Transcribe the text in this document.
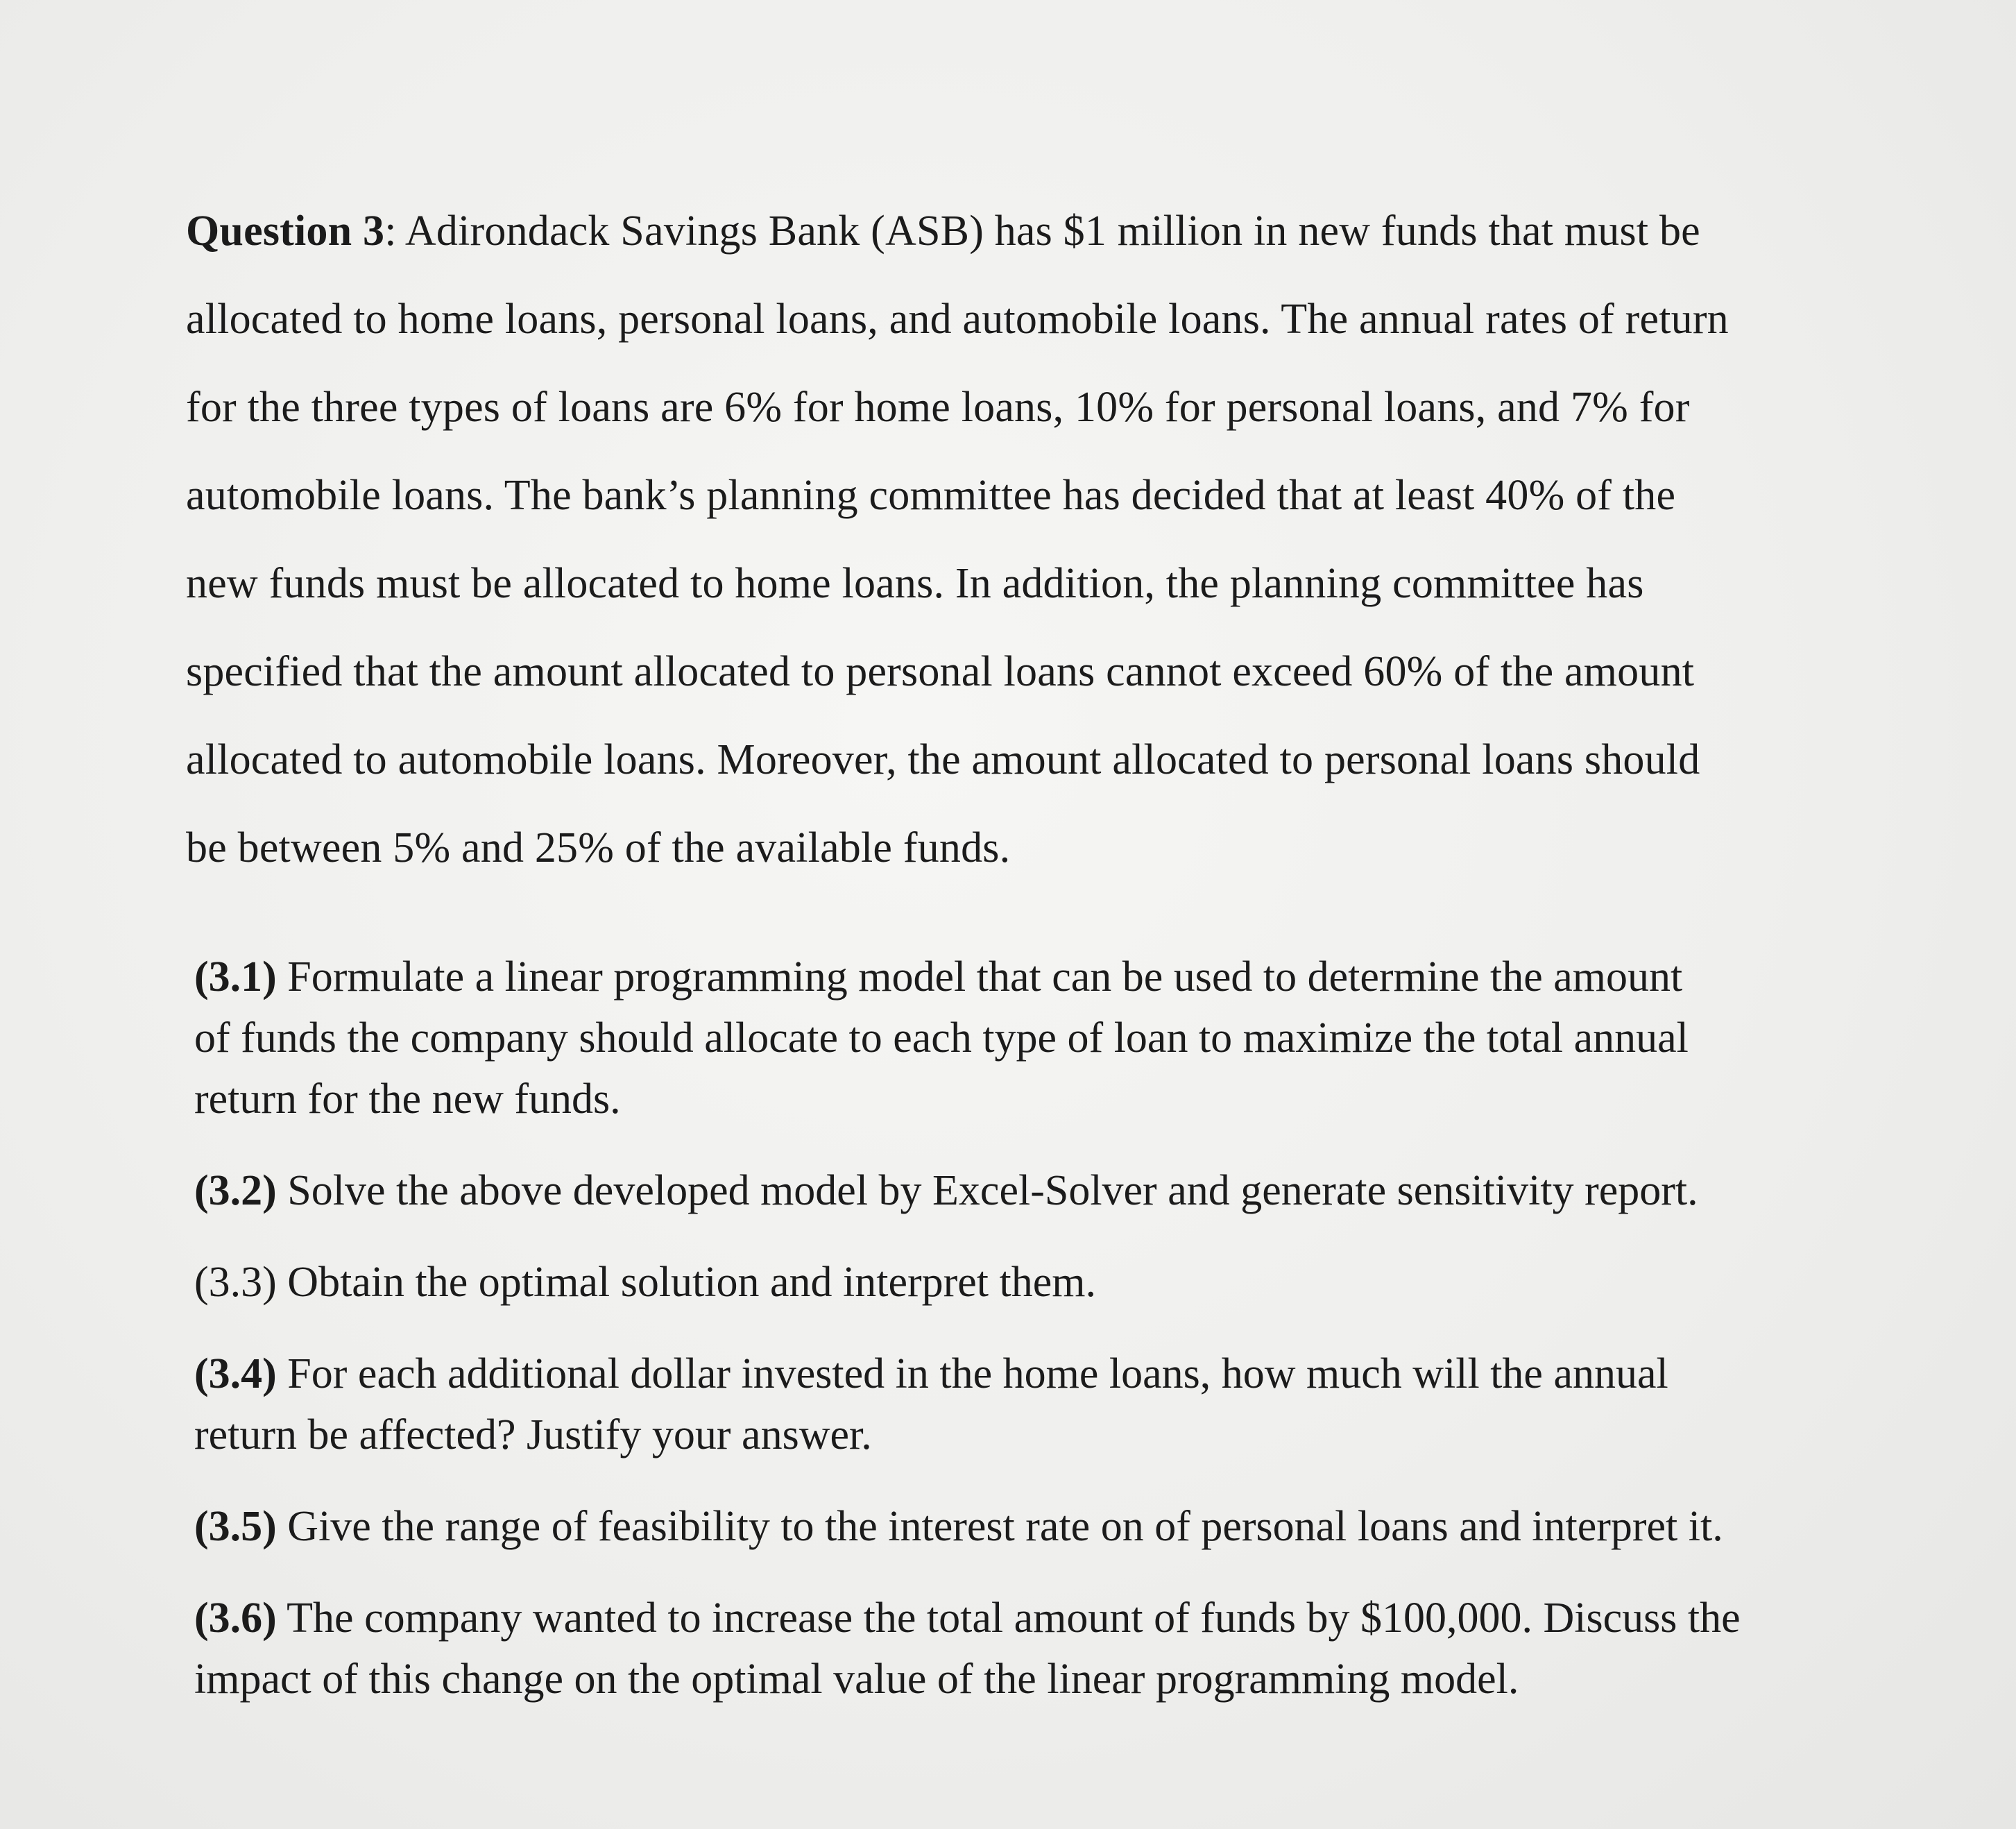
Question 3: Adirondack Savings Bank (ASB) has $1 million in new funds that must be

allocated to home loans, personal loans, and automobile loans. The annual rates of return

for the three types of loans are 6% for home loans, 10% for personal loans, and 7% for

automobile loans. The bank’s planning committee has decided that at least 40% of the

new funds must be allocated to home loans. In addition, the planning committee has

specified that the amount allocated to personal loans cannot exceed 60% of the amount

allocated to automobile loans. Moreover, the amount allocated to personal loans should

be between 5% and 25% of the available funds.

(3.1) Formulate a linear programming model that can be used to determine the amount
of funds the company should allocate to each type of loan to maximize the total annual
return for the new funds.
(3.2) Solve the above developed model by Excel-Solver and generate sensitivity report.
(3.3) Obtain the optimal solution and interpret them.
(3.4) For each additional dollar invested in the home loans, how much will the annual
return be affected? Justify your answer.
(3.5) Give the range of feasibility to the interest rate on of personal loans and interpret it.
(3.6) The company wanted to increase the total amount of funds by $100,000. Discuss the
impact of this change on the optimal value of the linear programming model.
